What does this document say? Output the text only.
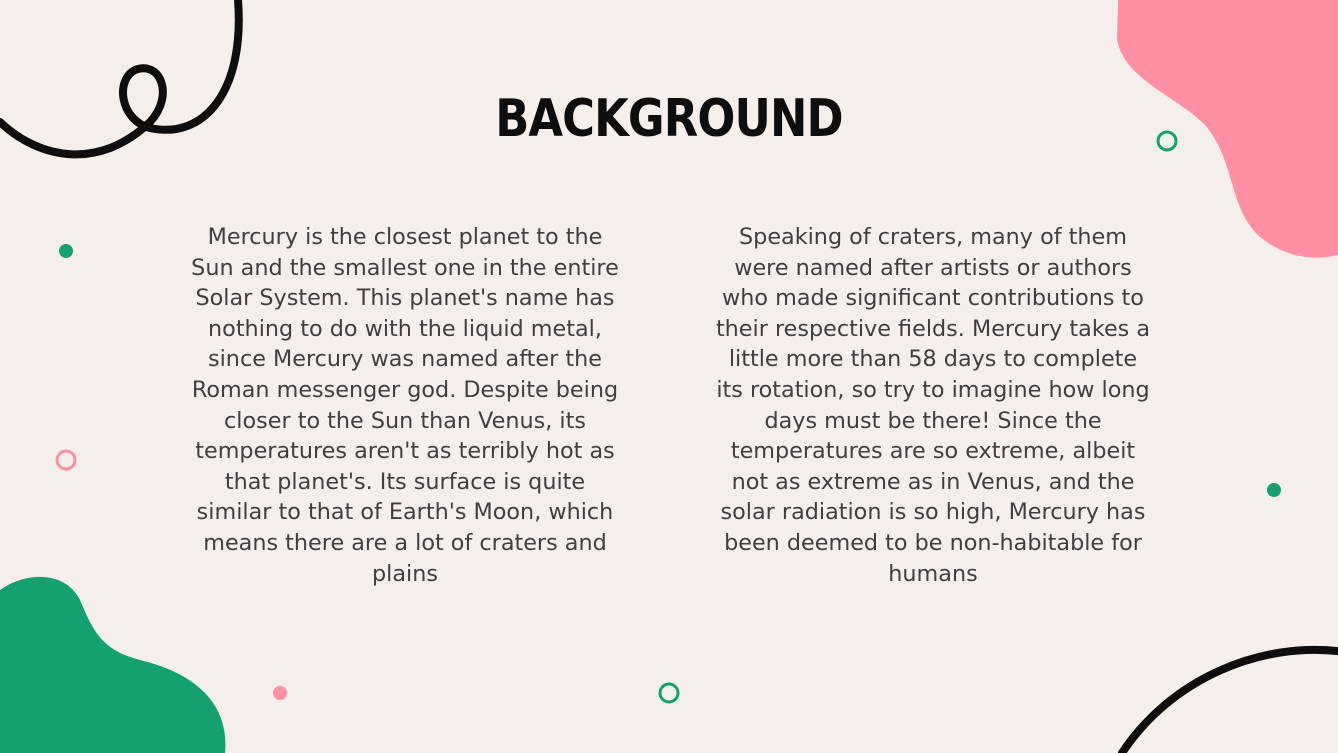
BACKGROUND
Mercury is the closest planet to the Sun and the smallest one in the entire Solar System. This planet's name has nothing to do with the liquid metal, since Mercury was named after the Roman messenger god. Despite being closer to the Sun than Venus, its temperatures aren't as terribly hot as that planet's. Its surface is quite similar to that of Earth's Moon, which means there are a lot of craters and plains
Speaking of craters, many of them were named after artists or authors who made significant contributions to their respective fields. Mercury takes a little more than 58 days to complete its rotation, so try to imagine how long days must be there! Since the temperatures are so extreme, albeit not as extreme as in Venus, and the solar radiation is so high, Mercury has been deemed to be non-habitable for humans
